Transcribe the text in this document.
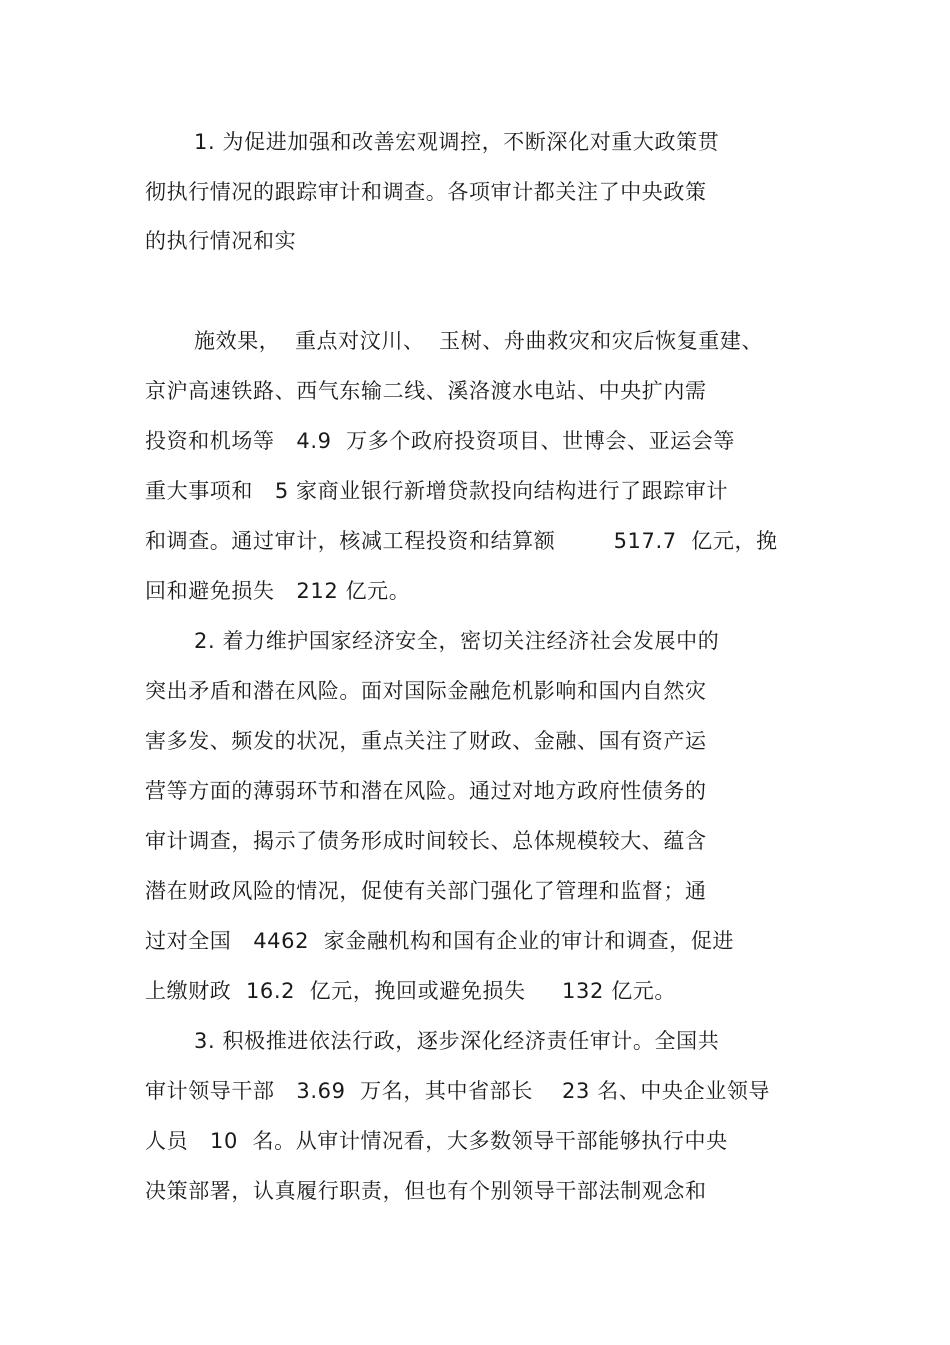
1. 为促进加强和改善宏观调控，不断深化对重大政策贯
彻执行情况的跟踪审计和调查。各项审计都关注了中央政策
的执行情况和实
施效果，  重点对汶川、  玉树、舟曲救灾和灾后恢复重建、
京沪高速铁路、西气东输二线、溪洛渡水电站、中央扩内需
投资和机场等   4.9  万多个政府投资项目、世博会、亚运会等
重大事项和   5 家商业银行新增贷款投向结构进行了跟踪审计
和调查。通过审计，核减工程投资和结算额        517.7  亿元，挽
回和避免损失   212 亿元。
2. 着力维护国家经济安全，密切关注经济社会发展中的
突出矛盾和潜在风险。面对国际金融危机影响和国内自然灾
害多发、频发的状况，重点关注了财政、金融、国有资产运
营等方面的薄弱环节和潜在风险。通过对地方政府性债务的
审计调查，揭示了债务形成时间较长、总体规模较大、蕴含
潜在财政风险的情况，促使有关部门强化了管理和监督；通
过对全国   4462  家金融机构和国有企业的审计和调查，促进
上缴财政  16.2  亿元，挽回或避免损失     132 亿元。
3. 积极推进依法行政，逐步深化经济责任审计。全国共
审计领导干部   3.69  万名，其中省部长    23 名、中央企业领导
人员   10  名。从审计情况看，大多数领导干部能够执行中央
决策部署，认真履行职责，但也有个别领导干部法制观念和
